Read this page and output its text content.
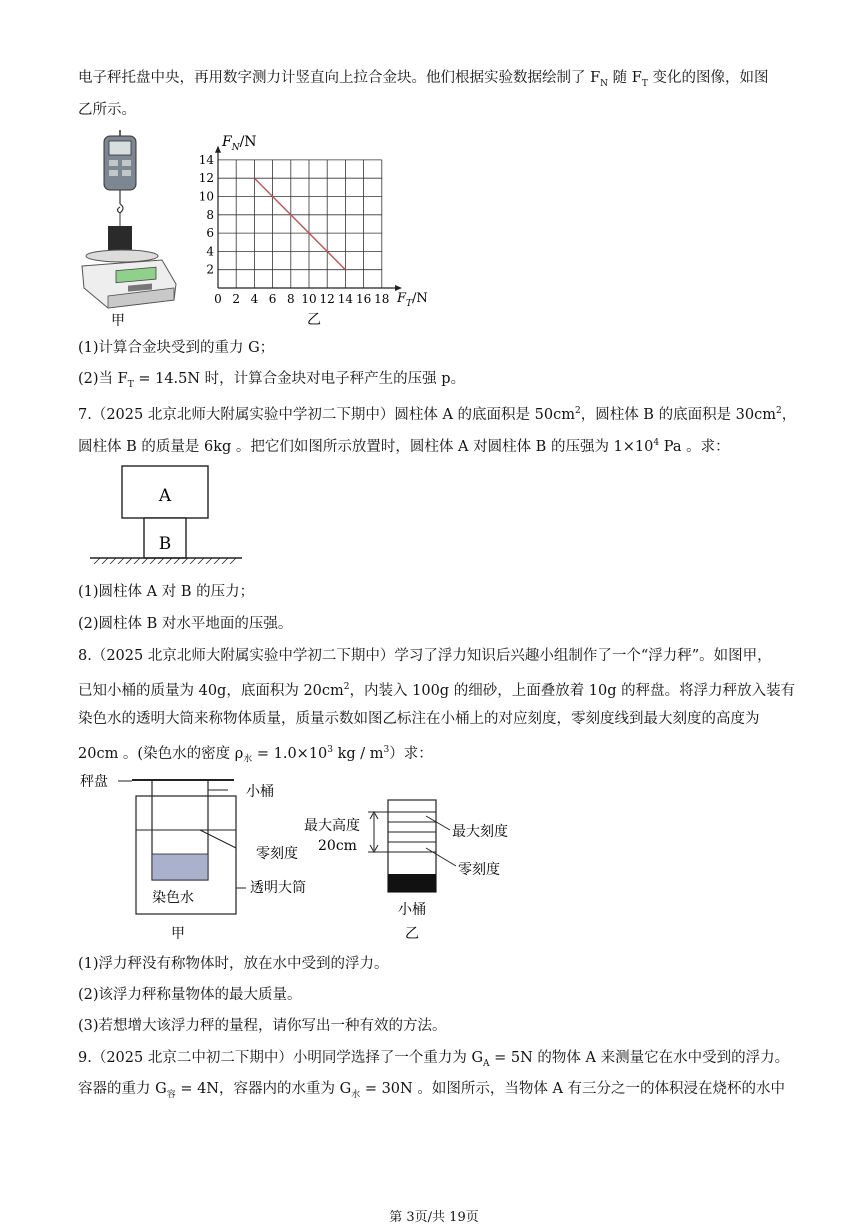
电子秤托盘中央，再用数字测力计竖直向上拉合金块。他们根据实验数据绘制了 $F_N$ 随 $F_T$ 变化的图像，如图
乙所示。
甲
2
4
6
8
10
12
14
0 2 4 6 8 10 12 14 16 18
$F_N/N$
$F_T/N$
乙
(1)计算合金块受到的重力 G；
(2)当 $F_T = 14.5N$ 时，计算合金块对电子秤产生的压强 p。
7.（2025 北京北师大附属实验中学初二下期中）圆柱体 A 的底面积是 $50cm^2$，圆柱体 B 的底面积是 $30cm^2$，
圆柱体 B 的质量是 6kg 。把它们如图所示放置时，圆柱体 A 对圆柱体 B 的压强为 $1\times 10^4$ Pa 。求：
A
B
(1)圆柱体 A 对 B 的压力；
(2)圆柱体 B 对水平地面的压强。
8.（2025 北京北师大附属实验中学初二下期中）学习了浮力知识后兴趣小组制作了一个“浮力秤”。如图甲，
已知小桶的质量为 40g，底面积为 $20cm^2$，内装入 100g 的细砂，上面叠放着 10g 的秤盘。将浮力秤放入装有
染色水的透明大筒来称物体质量，质量示数如图乙标注在小桶上的对应刻度，零刻度线到最大刻度的高度为
20cm 。(染色水的密度 $\rho_水 = 1.0\times 10^3$ kg / $m^3$）求：
秤盘
小桶
零刻度
染色水
透明大筒
甲
最大高度
20cm
最大刻度
零刻度
小桶
乙
(1)浮力秤没有称物体时，放在水中受到的浮力。
(2)该浮力秤称量物体的最大质量。
(3)若想增大该浮力秤的量程，请你写出一种有效的方法。
9.（2025 北京二中初二下期中）小明同学选择了一个重力为 $G_A = 5N$ 的物体 A 来测量它在水中受到的浮力。
容器的重力 $G_容 = 4N$，容器内的水重为 $G_水 = 30N$ 。如图所示，当物体 A 有三分之一的体积浸在烧杯的水中
第 3页/共 19页
